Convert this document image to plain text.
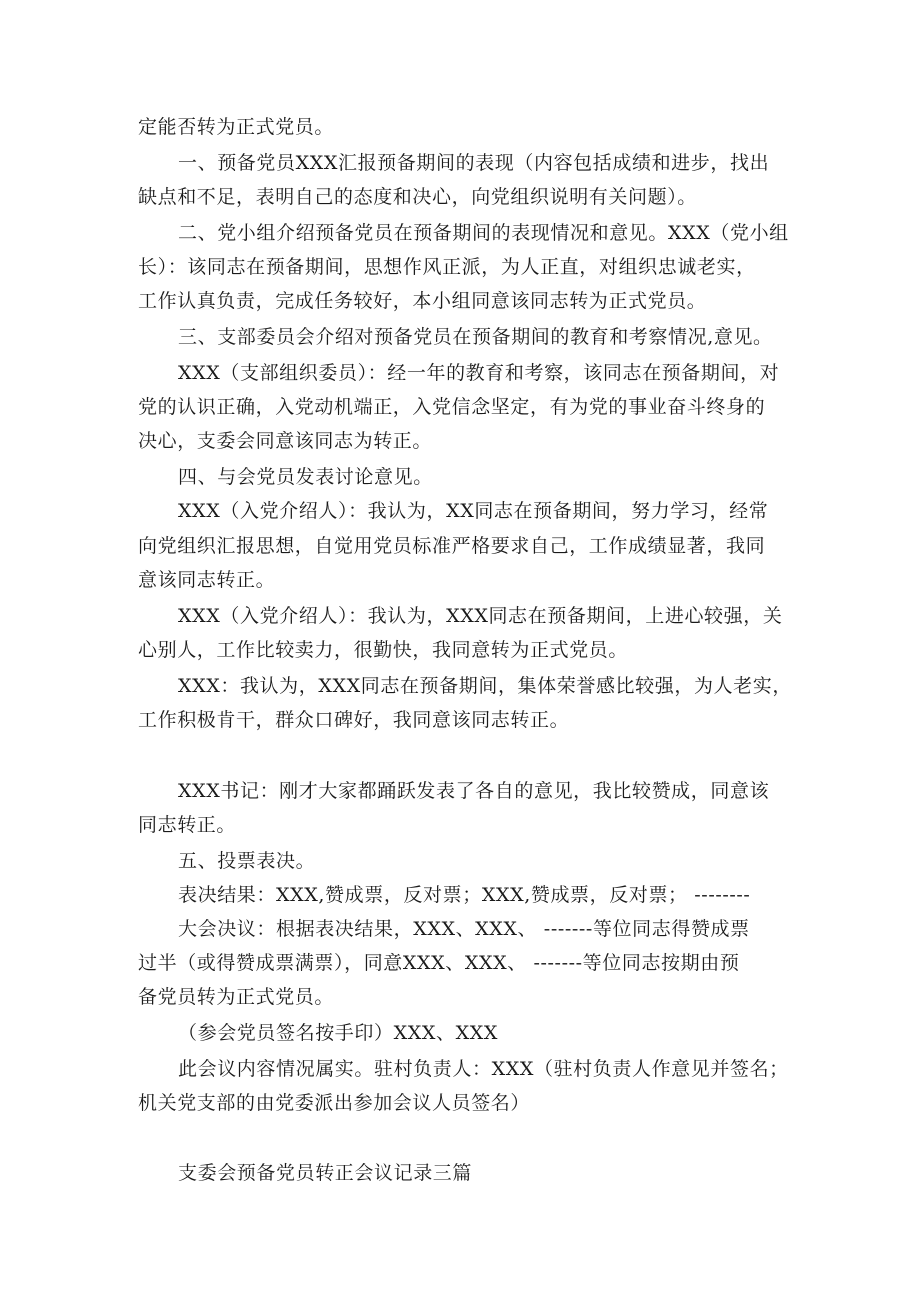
定能否转为正式党员。

一、预备党员XXX汇报预备期间的表现（内容包括成绩和进步，找出

缺点和不足，表明自己的态度和决心，向党组织说明有关问题）。

二、党小组介绍预备党员在预备期间的表现情况和意见。XXX（党小组

长）：该同志在预备期间，思想作风正派，为人正直，对组织忠诚老实，

工作认真负责，完成任务较好，本小组同意该同志转为正式党员。

三、支部委员会介绍对预备党员在预备期间的教育和考察情况,意见。

XXX（支部组织委员）：经一年的教育和考察，该同志在预备期间，对

党的认识正确，入党动机端正，入党信念坚定，有为党的事业奋斗终身的

决心，支委会同意该同志为转正。

四、与会党员发表讨论意见。

XXX（入党介绍人）：我认为，XX同志在预备期间，努力学习，经常

向党组织汇报思想，自觉用党员标准严格要求自己，工作成绩显著，我同

意该同志转正。

XXX（入党介绍人）：我认为，XXX同志在预备期间，上进心较强，关

心别人，工作比较卖力，很勤快，我同意转为正式党员。

XXX：我认为，XXX同志在预备期间，集体荣誉感比较强，为人老实，

工作积极肯干，群众口碑好，我同意该同志转正。

XXX书记：刚才大家都踊跃发表了各自的意见，我比较赞成，同意该

同志转正。

五、投票表决。

表决结果：XXX,赞成票，反对票；XXX,赞成票，反对票； --------

大会决议：根据表决结果，XXX、XXX、 -------等位同志得赞成票

过半（或得赞成票满票），同意XXX、XXX、 -------等位同志按期由预

备党员转为正式党员。

（参会党员签名按手印）XXX、XXX

此会议内容情况属实。驻村负责人：XXX（驻村负责人作意见并签名；

机关党支部的由党委派出参加会议人员签名）

支委会预备党员转正会议记录三篇
